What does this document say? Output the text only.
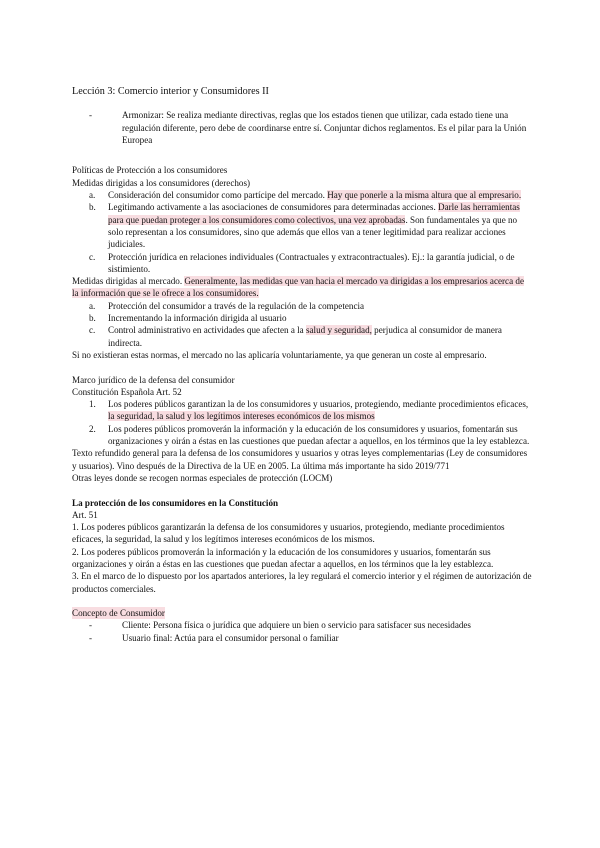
Lección 3: Comercio interior y Consumidores II
-	Armonizar: Se realiza mediante directivas, reglas que los estados tienen que utilizar, cada estado tiene una regulación diferente, pero debe de coordinarse entre sí. Conjuntar dichos reglamentos. Es el pilar para la Unión Europea

Políticas de Protección a los consumidores

Medidas dirigidas a los consumidores (derechos)

a. Consideración del consumidor como partícipe del mercado. Hay que ponerle a la misma altura que al empresario.
b. Legitimando activamente a las asociaciones de consumidores para determinadas acciones. Darle las herramientas para que puedan proteger a los consumidores como colectivos, una vez aprobadas. Son fundamentales ya que no solo representan a los consumidores, sino que además que ellos van a tener legitimidad para realizar acciones judiciales.
c. Protección jurídica en relaciones individuales (Contractuales y extracontractuales). Ej.: la garantía judicial, o de sistimiento.

Medidas dirigidas al mercado. Generalmente, las medidas que van hacia el mercado va dirigidas a los empresarios acerca de la información que se le ofrece a los consumidores.

a. Protección del consumidor a través de la regulación de la competencia
b. Incrementando la información dirigida al usuario
c. Control administrativo en actividades que afecten a la salud y seguridad, perjudica al consumidor de manera indirecta.

Si no existieran estas normas, el mercado no las aplicaría voluntariamente, ya que generan un coste al empresario.

Marco jurídico de la defensa del consumidor

Constitución Española Art. 52

1. Los poderes públicos garantizan la de los consumidores y usuarios, protegiendo, mediante procedimientos eficaces, la seguridad, la salud y los legítimos intereses económicos de los mismos
2. Los poderes públicos promoverán la información y la educación de los consumidores y usuarios, fomentarán sus organizaciones y oirán a éstas en las cuestiones que puedan afectar a aquellos, en los términos que la ley establezca.

Texto refundido general para la defensa de los consumidores y usuarios y otras leyes complementarias (Ley de consumidores y usuarios). Vino después de la Directiva de la UE en 2005. La última más importante ha sido 2019/771

Otras leyes donde se recogen normas especiales de protección (LOCM)

La protección de los consumidores en la Constitución

Art. 51

1. Los poderes públicos garantizarán la defensa de los consumidores y usuarios, protegiendo, mediante procedimientos eficaces, la seguridad, la salud y los legítimos intereses económicos de los mismos.

2. Los poderes públicos promoverán la información y la educación de los consumidores y usuarios, fomentarán sus organizaciones y oirán a éstas en las cuestiones que puedan afectar a aquellos, en los términos que la ley establezca.

3. En el marco de lo dispuesto por los apartados anteriores, la ley regulará el comercio interior y el régimen de autorización de productos comerciales.

Concepto de Consumidor

-	Cliente: Persona física o jurídica que adquiere un bien o servicio para satisfacer sus necesidades
-	Usuario final: Actúa para el consumidor personal o familiar
